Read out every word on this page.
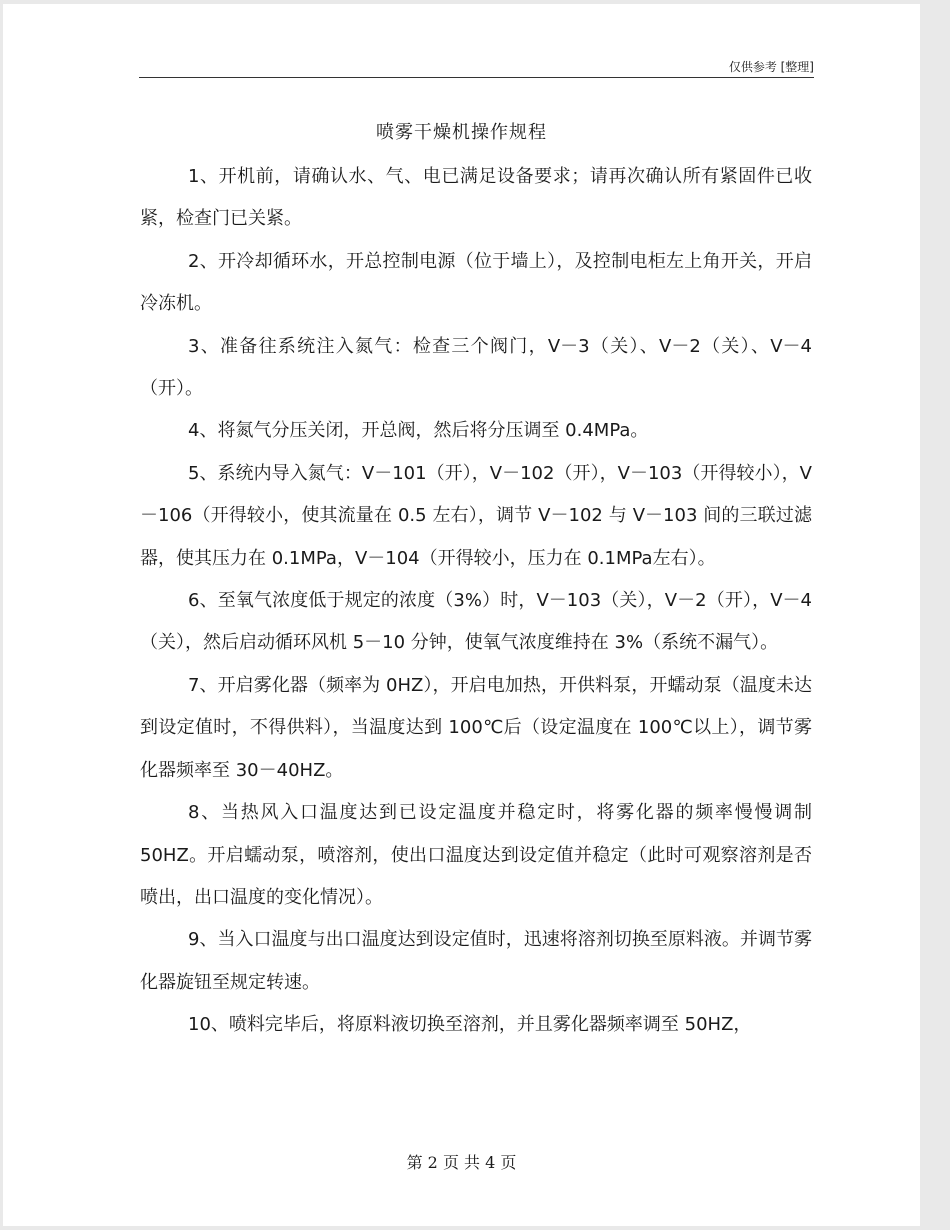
仅供参考 [整理]
喷雾干燥机操作规程

1、开机前，请确认水、气、电已满足设备要求；请再次确认所有紧固件已收紧，检查门已关紧。

2、开冷却循环水，开总控制电源（位于墙上），及控制电柜左上角开关，开启冷冻机。

3、准备往系统注入氮气：检查三个阀门，V－3（关）、V－2（关）、V－4（开）。

4、将氮气分压关闭，开总阀，然后将分压调至 0.4MPa。

5、系统内导入氮气：V－101（开），V－102（开），V－103（开得较小），V－106（开得较小，使其流量在 0.5 左右），调节 V－102 与 V－103 间的三联过滤器，使其压力在 0.1MPa，V－104（开得较小，压力在 0.1MPa左右）。

6、至氧气浓度低于规定的浓度（3%）时，V－103（关），V－2（开），V－4（关），然后启动循环风机 5－10 分钟，使氧气浓度维持在 3%（系统不漏气）。

7、开启雾化器（频率为 0HZ），开启电加热，开供料泵，开蠕动泵（温度未达到设定值时，不得供料），当温度达到 100℃后（设定温度在 100℃以上），调节雾化器频率至 30－40HZ。

8、当热风入口温度达到已设定温度并稳定时，将雾化器的频率慢慢调制 50HZ。开启蠕动泵，喷溶剂，使出口温度达到设定值并稳定（此时可观察溶剂是否喷出，出口温度的变化情况）。

9、当入口温度与出口温度达到设定值时，迅速将溶剂切换至原料液。并调节雾化器旋钮至规定转速。

10、喷料完毕后，将原料液切换至溶剂，并且雾化器频率调至 50HZ，

第 2 页 共 4 页
